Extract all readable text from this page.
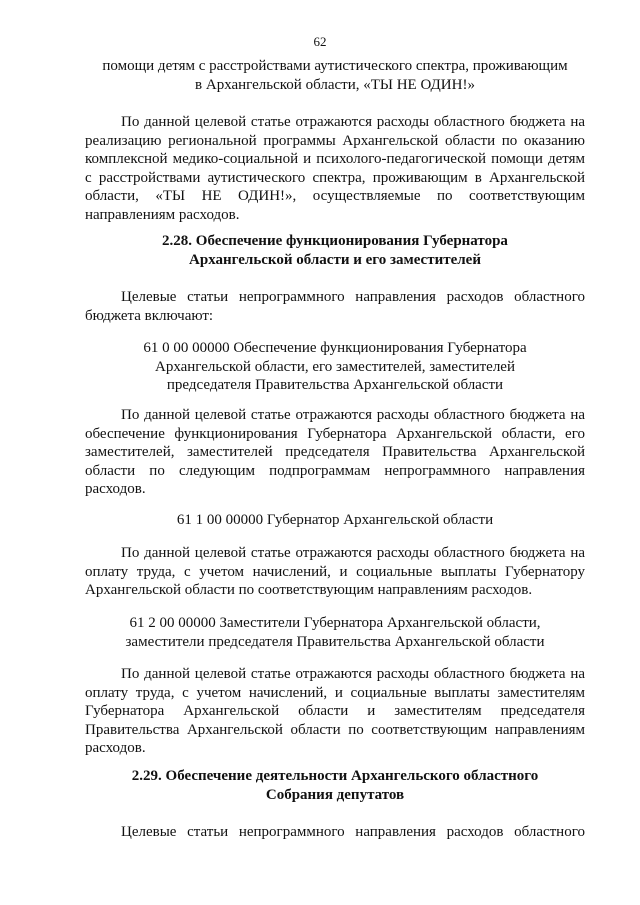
62
помощи детям с расстройствами аутистического спектра, проживающим
в Архангельской области, «ТЫ НЕ ОДИН!»
По данной целевой статье отражаются расходы областного бюджета на
реализацию региональной программы Архангельской области по оказанию
комплексной медико-социальной и психолого-педагогической помощи детям
с расстройствами аутистического спектра, проживающим в Архангельской
области, «ТЫ НЕ ОДИН!», осуществляемые по соответствующим
направлениям расходов.
2.28. Обеспечение функционирования Губернатора
Архангельской области и его заместителей
Целевые статьи непрограммного направления расходов областного
бюджета включают:
61 0 00 00000 Обеспечение функционирования Губернатора
Архангельской области, его заместителей, заместителей
председателя Правительства Архангельской области
По данной целевой статье отражаются расходы областного бюджета на
обеспечение функционирования Губернатора Архангельской области, его
заместителей, заместителей председателя Правительства Архангельской
области по следующим подпрограммам непрограммного направления
расходов.
61 1 00 00000 Губернатор Архангельской области
По данной целевой статье отражаются расходы областного бюджета на
оплату труда, с учетом начислений, и социальные выплаты Губернатору
Архангельской области по соответствующим направлениям расходов.
61 2 00 00000 Заместители Губернатора Архангельской области,
заместители председателя Правительства Архангельской области
По данной целевой статье отражаются расходы областного бюджета на
оплату труда, с учетом начислений, и социальные выплаты заместителям
Губернатора Архангельской области и заместителям председателя
Правительства Архангельской области по соответствующим направлениям
расходов.
2.29. Обеспечение деятельности Архангельского областного
Собрания депутатов
Целевые статьи непрограммного направления расходов областного
